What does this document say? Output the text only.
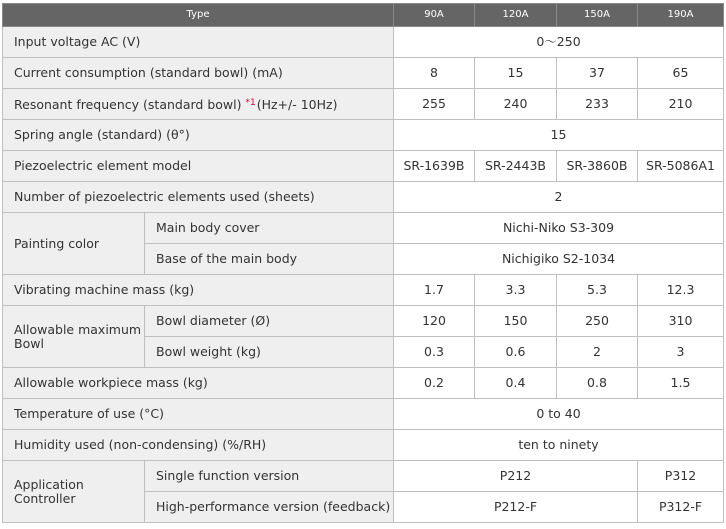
Type		90A	120A	150A	190A
Input voltage AC (V)		0～250			
Current consumption (standard bowl) (mA)		8	15	37	65
Resonant frequency (standard bowl) $^{*1}$(Hz+/- 10Hz)		255	240	233	210
Spring angle (standard) (θ°)		15			
Piezoelectric element model		SR-1639B	SR-2443B	SR-3860B	SR-5086A1
Number of piezoelectric elements used (sheets)		2			
Painting color	Main body cover	Nichi-Niko S3-309			
	Base of the main body	Nichigiko S2-1034			
Vibrating machine mass (kg)		1.7	3.3	5.3	12.3
Allowable maximum Bowl	Bowl diameter (Ø)	120	150	250	310
	Bowl weight (kg)	0.3	0.6	2	3
Allowable workpiece mass (kg)		0.2	0.4	0.8	1.5
Temperature of use (°C)		0 to 40			
Humidity used (non-condensing) (%/RH)		ten to ninety			
Application Controller	Single function version	P212			P312
	High-performance version (feedback)	P212-F			P312-F
